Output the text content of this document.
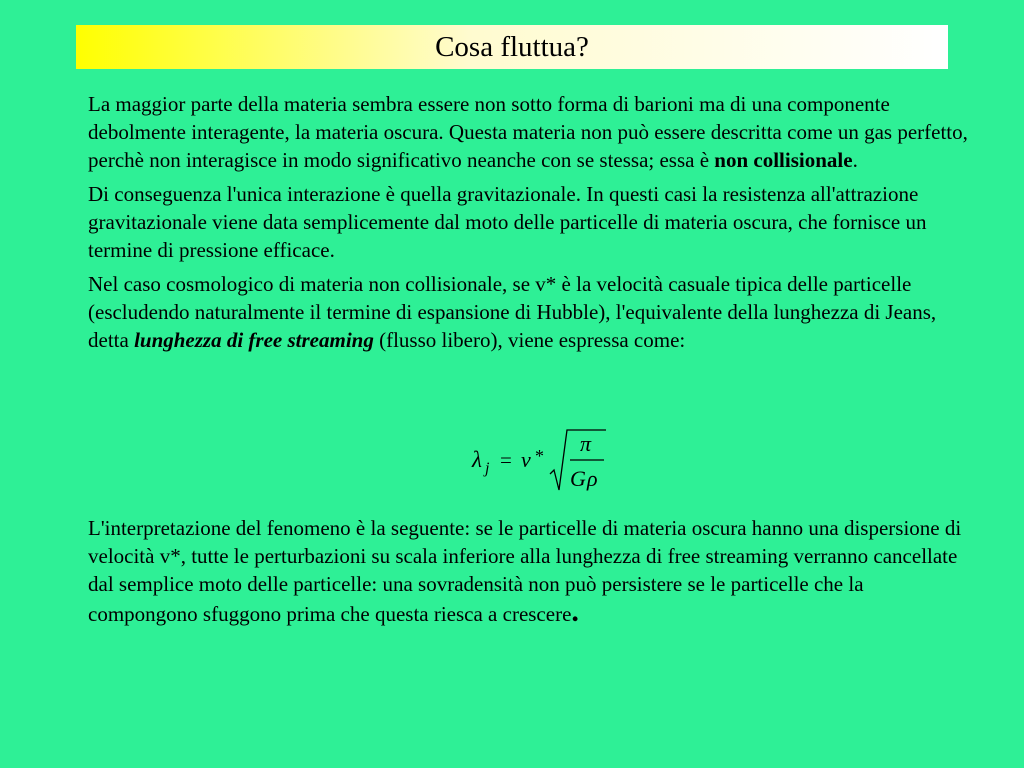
Cosa fluttua?

La maggior parte della materia sembra essere non sotto forma di barioni ma di una componente debolmente interagente, la materia oscura. Questa materia non può essere descritta come un gas perfetto, perchè non interagisce in modo significativo neanche con se stessa; essa è non collisionale.

Di conseguenza l'unica interazione è quella gravitazionale. In questi casi la resistenza all'attrazione gravitazionale viene data semplicemente dal moto delle particelle di materia oscura, che fornisce un termine di pressione efficace.

Nel caso cosmologico di materia non collisionale, se v* è la velocità casuale tipica delle particelle (escludendo naturalmente il termine di espansione di Hubble), l'equivalente della lunghezza di Jeans, detta lunghezza di free streaming (flusso libero), viene espressa come:

λ j = v * π
G ρ

L'interpretazione del fenomeno è la seguente: se le particelle di materia oscura hanno una dispersione di velocità v*, tutte le perturbazioni su scala inferiore alla lunghezza di free streaming verranno cancellate dal semplice moto delle particelle: una sovradensità non può persistere se le particelle che la compongono sfuggono prima che questa riesca a crescere.
